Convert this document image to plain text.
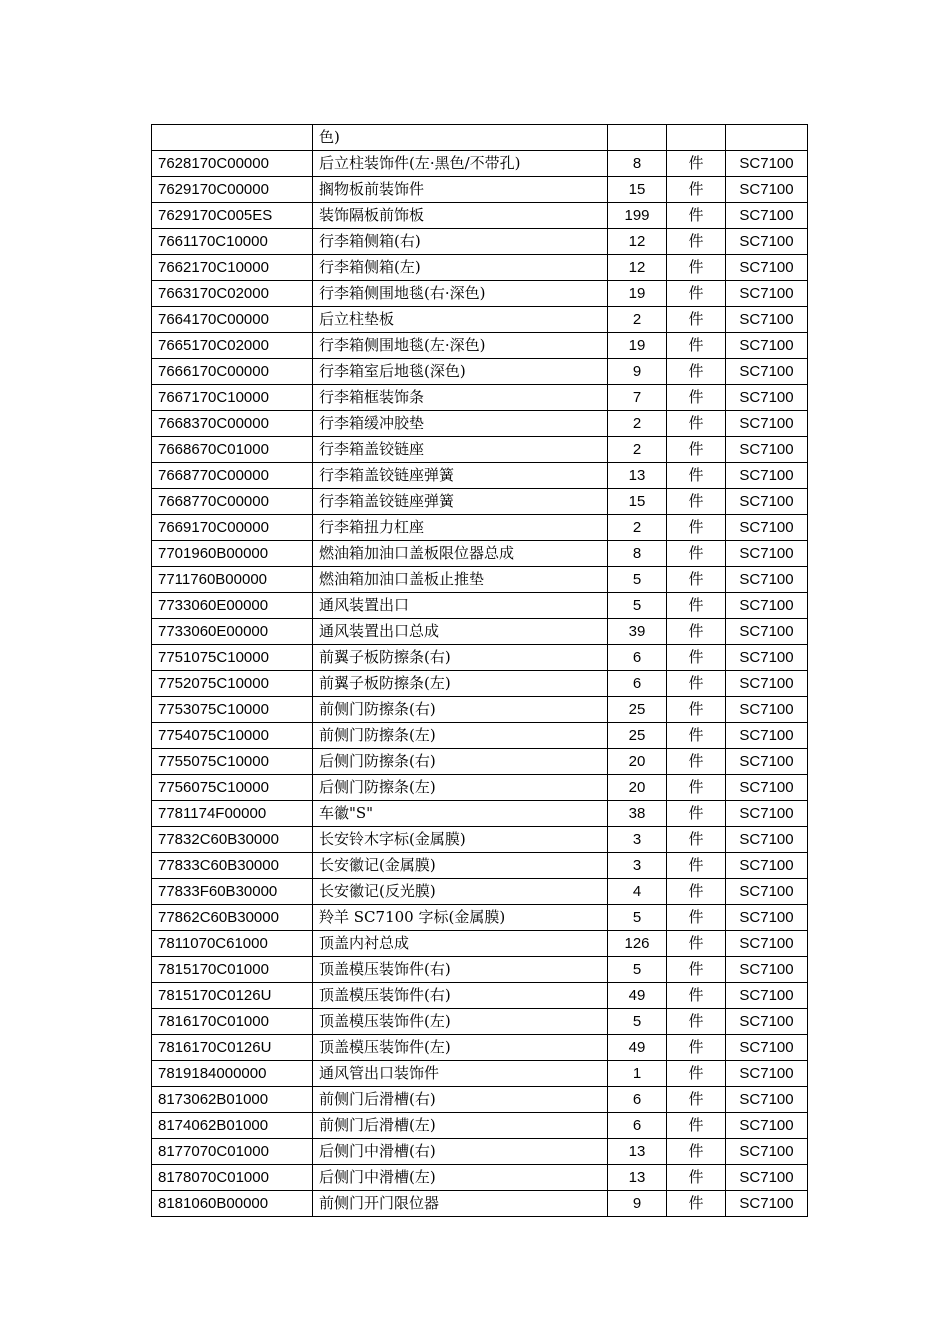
	色)			
7628170C00000	后立柱装饰件(左·黑色/不带孔)	8	件	SC7100
7629170C00000	搁物板前装饰件	15	件	SC7100
7629170C005ES	装饰隔板前饰板	199	件	SC7100
7661170C10000	行李箱侧箱(右)	12	件	SC7100
7662170C10000	行李箱侧箱(左)	12	件	SC7100
7663170C02000	行李箱侧围地毯(右·深色)	19	件	SC7100
7664170C00000	后立柱垫板	2	件	SC7100
7665170C02000	行李箱侧围地毯(左·深色)	19	件	SC7100
7666170C00000	行李箱室后地毯(深色)	9	件	SC7100
7667170C10000	行李箱框装饰条	7	件	SC7100
7668370C00000	行李箱缓冲胶垫	2	件	SC7100
7668670C01000	行李箱盖铰链座	2	件	SC7100
7668770C00000	行李箱盖铰链座弹簧	13	件	SC7100
7668770C00000	行李箱盖铰链座弹簧	15	件	SC7100
7669170C00000	行李箱扭力杠座	2	件	SC7100
7701960B00000	燃油箱加油口盖板限位器总成	8	件	SC7100
7711760B00000	燃油箱加油口盖板止推垫	5	件	SC7100
7733060E00000	通风装置出口	5	件	SC7100
7733060E00000	通风装置出口总成	39	件	SC7100
7751075C10000	前翼子板防擦条(右)	6	件	SC7100
7752075C10000	前翼子板防擦条(左)	6	件	SC7100
7753075C10000	前侧门防擦条(右)	25	件	SC7100
7754075C10000	前侧门防擦条(左)	25	件	SC7100
7755075C10000	后侧门防擦条(右)	20	件	SC7100
7756075C10000	后侧门防擦条(左)	20	件	SC7100
7781174F00000	车徽"S"	38	件	SC7100
77832C60B30000	长安铃木字标(金属膜)	3	件	SC7100
77833C60B30000	长安徽记(金属膜)	3	件	SC7100
77833F60B30000	长安徽记(反光膜)	4	件	SC7100
77862C60B30000	羚羊 SC7100 字标(金属膜)	5	件	SC7100
7811070C61000	顶盖内衬总成	126	件	SC7100
7815170C01000	顶盖模压装饰件(右)	5	件	SC7100
7815170C0126U	顶盖模压装饰件(右)	49	件	SC7100
7816170C01000	顶盖模压装饰件(左)	5	件	SC7100
7816170C0126U	顶盖模压装饰件(左)	49	件	SC7100
7819184000000	通风管出口装饰件	1	件	SC7100
8173062B01000	前侧门后滑槽(右)	6	件	SC7100
8174062B01000	前侧门后滑槽(左)	6	件	SC7100
8177070C01000	后侧门中滑槽(右)	13	件	SC7100
8178070C01000	后侧门中滑槽(左)	13	件	SC7100
8181060B00000	前侧门开门限位器	9	件	SC7100
